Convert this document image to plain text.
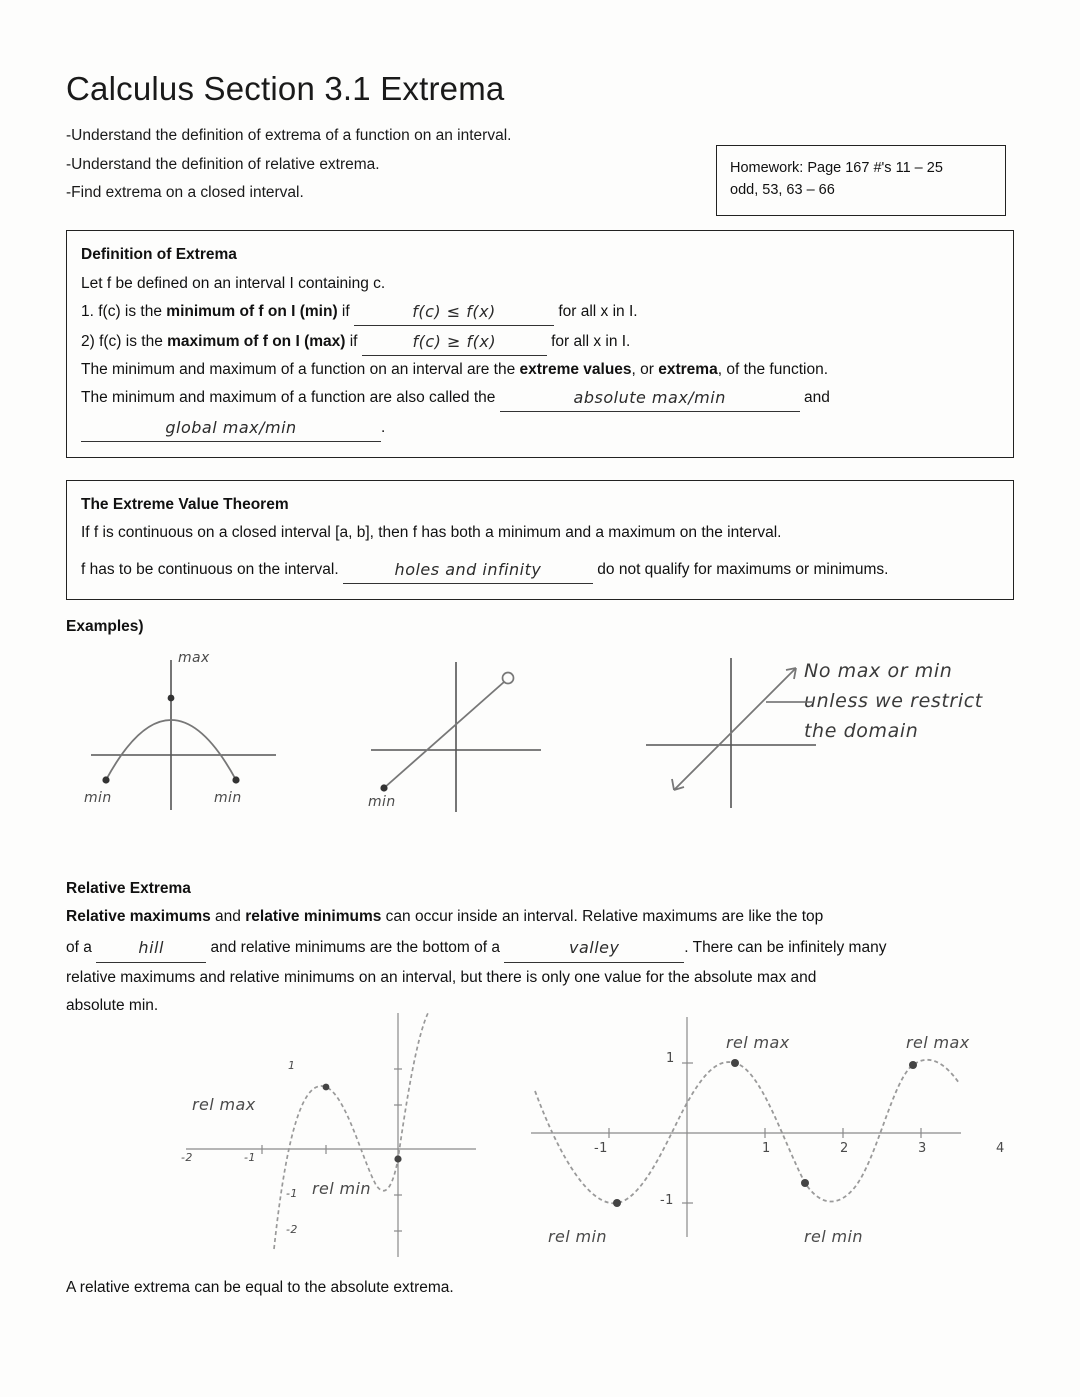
Calculus Section 3.1 Extrema
-Understand the definition of extrema of a function on an interval.
-Understand the definition of relative extrema.
-Find extrema on a closed interval.
Homework: Page 167 #'s 11 – 25
odd, 53, 63 – 66
Definition of Extrema
Let f be defined on an interval I containing c.
1. f(c) is the minimum of f on I (min) if	f(c) ≤ f(x)	for all x in I.
2) f(c) is the maximum of f on I (max) if	f(c) ≥ f(x)	for all x in I.
The minimum and maximum of a function on an interval are the extreme values, or extrema, of the function.
The minimum and maximum of a function are also called the	absolute max/min	and
global max/min	.
The Extreme Value Theorem
If f is continuous on a closed interval [a, b], then f has both a minimum and a maximum on the interval.
f has to be continuous on the interval.	holes and infinity	do not qualify for maximums or minimums.
Examples)
max
min	min	min
No max or min
unless we restrict
the domain
Relative Extrema
Relative maximums and relative minimums can occur inside an interval. Relative maximums are like the top
of a	hill	and relative minimums are the bottom of a	valley	. There can be infinitely many
relative maximums and relative minimums on an interval, but there is only one value for the absolute max and
absolute min.
rel max
rel min
-2	-1
1
-1
-2
rel max	rel max
rel min	rel min
-1	1	2	3	4
1
-1
A relative extrema can be equal to the absolute extrema.
